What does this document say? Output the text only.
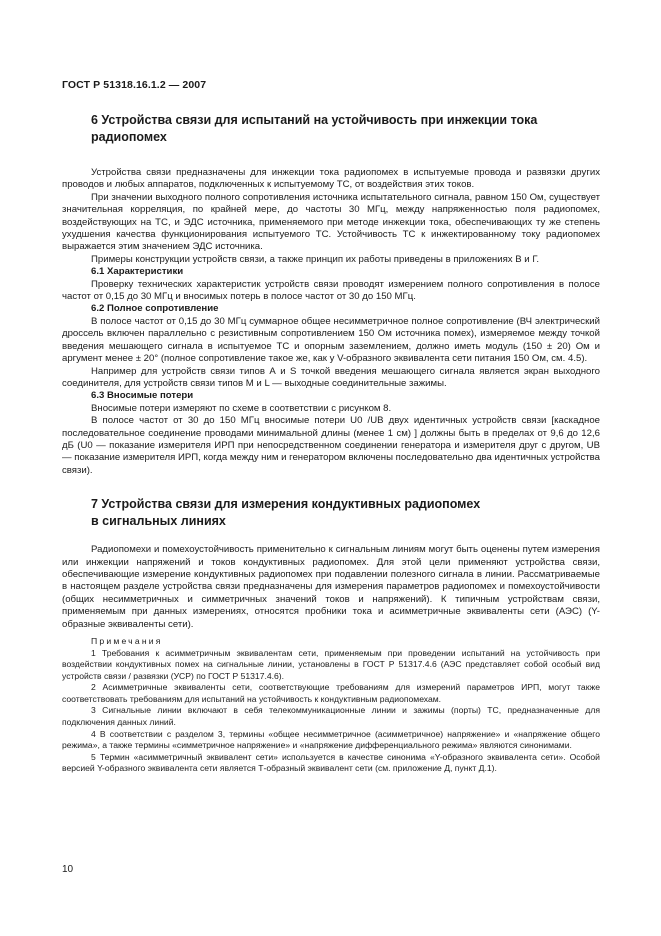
ГОСТ Р 51318.16.1.2 — 2007
6 Устройства связи для испытаний на устойчивость при инжекции тока радиопомех

Устройства связи предназначены для инжекции тока радиопомех в испытуемые провода и развязки других проводов и любых аппаратов, подключенных к испытуемому ТС, от воздействия этих токов.

При значении выходного полного сопротивления источника испытательного сигнала, равном 150 Ом, существует значительная корреляция, по крайней мере, до частоты 30 МГц, между напряженностью поля радиопомех, воздействующих на ТС, и ЭДС источника, применяемого при методе инжекции тока, обеспечивающих ту же степень ухудшения качества функционирования испытуемого ТС. Устойчивость ТС к инжектированному току радиопомех выражается этим значением ЭДС источника.

Примеры конструкции устройств связи, а также принцип их работы приведены в приложениях В и Г.

6.1 Характеристики

Проверку технических характеристик устройств связи проводят измерением полного сопротивления в полосе частот от 0,15 до 30 МГц и вносимых потерь в полосе частот от 30 до 150 МГц.

6.2 Полное сопротивление

В полосе частот от 0,15 до 30 МГц суммарное общее несимметричное полное сопротивление (ВЧ электрический дроссель включен параллельно с резистивным сопротивлением 150 Ом источника помех), измеряемое между точкой введения мешающего сигнала в испытуемое ТС и опорным заземлением, должно иметь модуль (150 ± 20) Ом и аргумент менее ± 20° (полное сопротивление такое же, как у V-образного эквивалента сети питания 150 Ом, см. 4.5).

Например для устройств связи типов А и S точкой введения мешающего сигнала является экран выходного соединителя, для устройств связи типов М и L — выходные соединительные зажимы.

6.3 Вносимые потери

Вносимые потери измеряют по схеме в соответствии с рисунком 8.

В полосе частот от 30 до 150 МГц вносимые потери U0 /UB двух идентичных устройств связи [каскадное последовательное соединение проводами минимальной длины (менее 1 см) ] должны быть в пределах от 9,6 до 12,6 дБ (U0 — показание измерителя ИРП при непосредственном соединении генератора и измерителя друг с другом, UB — показание измерителя ИРП, когда между ним и генератором включены последовательно два идентичных устройства связи).

7 Устройства связи для измерения кондуктивных радиопомех
в сигнальных линиях

Радиопомехи и помехоустойчивость применительно к сигнальным линиям могут быть оценены путем измерения или инжекции напряжений и токов кондуктивных радиопомех. Для этой цели применяют устройства связи, обеспечивающие измерение кондуктивных радиопомех при подавлении полезного сигнала в линии. Рассматриваемые в настоящем разделе устройства связи предназначены для измерения параметров радиопомех и помехоустойчивости (общих несимметричных и симметричных значений токов и напряжений). К типичным устройствам связи, применяемым при данных измерениях, относятся пробники тока и асимметричные эквиваленты сети (АЭС) (Y-образные эквиваленты сети).

Примечания

1 Требования к асимметричным эквивалентам сети, применяемым при проведении испытаний на устойчивость при воздействии кондуктивных помех на сигнальные линии, установлены в ГОСТ Р 51317.4.6 (АЭС представляет собой особый вид устройств связи / развязки (УСР) по ГОСТ Р 51317.4.6).

2 Асимметричные эквиваленты сети, соответствующие требованиям для измерений параметров ИРП, могут также соответствовать требованиям для испытаний на устойчивость к кондуктивным радиопомехам.

3 Сигнальные линии включают в себя телекоммуникационные линии и зажимы (порты) ТС, предназначенные для подключения данных линий.

4 В соответствии с разделом 3, термины «общее несимметричное (асимметричное) напряжение» и «напряжение общего режима», а также термины «симметричное напряжение» и «напряжение дифференциального режима» являются синонимами.

5 Термин «асимметричный эквивалент сети» используется в качестве синонима «Y-образного эквивалента сети». Особой версией Y-образного эквивалента сети является Т-образный эквивалент сети (см. приложение Д, пункт Д.1).

10
